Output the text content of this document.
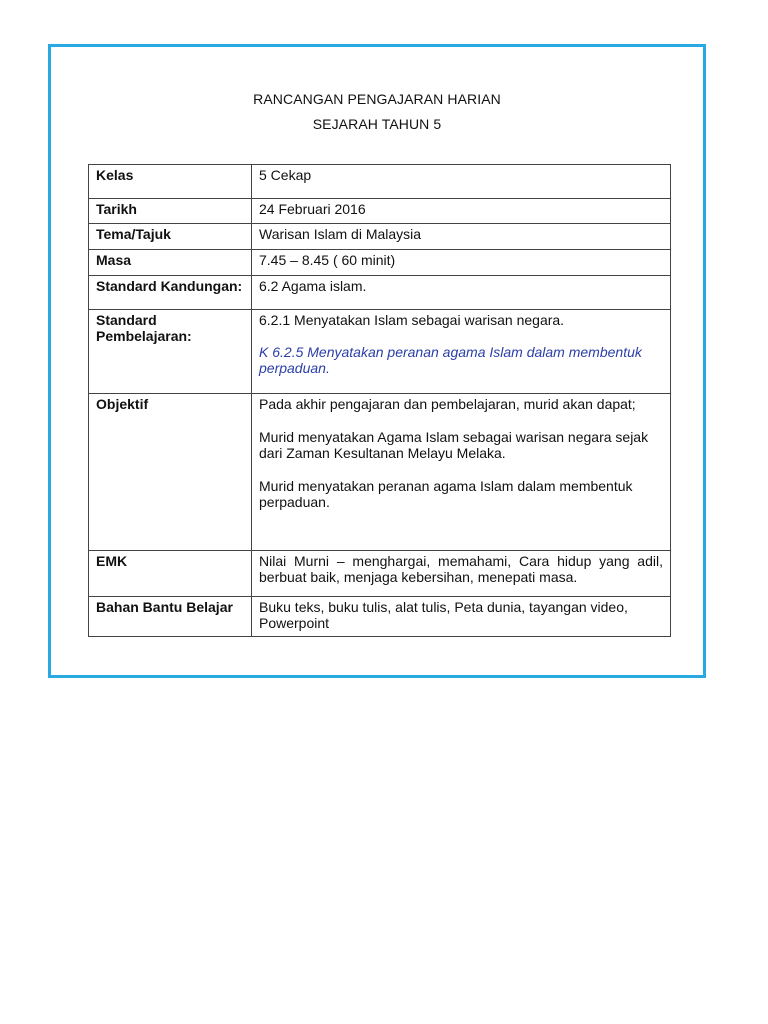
RANCANGAN PENGAJARAN HARIAN
SEJARAH TAHUN 5
Kelas	5 Cekap
Tarikh	24 Februari 2016
Tema/Tajuk	Warisan Islam di Malaysia
Masa	7.45 – 8.45 ( 60 minit)
Standard Kandungan:	6.2 Agama islam.
Standard Pembelajaran:	6.2.1 Menyatakan Islam sebagai warisan negara.
K 6.2.5 Menyatakan peranan agama Islam dalam membentuk perpaduan.

Objektif	Pada akhir pengajaran dan pembelajaran, murid akan dapat;
Murid menyatakan Agama Islam sebagai warisan negara sejak dari Zaman Kesultanan Melayu Melaka.
Murid menyatakan peranan agama Islam dalam membentuk perpaduan.

EMK	Nilai Murni – menghargai, memahami, Cara hidup yang adil, berbuat baik, menjaga kebersihan, menepati masa.
Bahan Bantu Belajar	Buku teks, buku tulis, alat tulis, Peta dunia, tayangan video, Powerpoint
